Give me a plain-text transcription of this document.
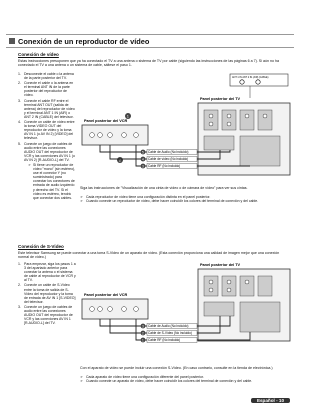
Conexión de un reproductor de vídeo
Conexión de vídeo
Estas instrucciones presuponen que ya ha conectado el TV a una antena o sistema de TV por cable (siguiendo las instrucciones de las páginas 6 a 7). Si aún no ha conectado el TV a una antena o un sistema de cable, sáltese el paso 1.
1. Desconecte el cable o la antena de la parte posterior del TV.
2. Conecte el cable o la antena en el terminal ANT IN de la parte posterior del reproductor de vídeo.
3. Conecte el cable RF entre el terminal ANT OUT (salida de antena) del reproductor de vídeo y el terminal ANT 1 IN (AIR) o ANT 2 IN (CABLE) del televisor.
4. Conecte un cable de vídeo entre la toma VIDEO OUT del reproductor de vídeo y la toma AV IN 1 (o AV IN 2) [VIDEO] del televisor.
5. Conecte un juego de cables de audio entre las conexiones AUDIO OUT del reproductor de VCR y las conexiones AV IN 1 (o AV IN 2) [R-AUDIO-L] del TV.
➢ Si tiene un reproductor de vídeo "mono" (sin estéreo), use el conector Y (no suministrado) para conectar los conectores de entrada de audio izquierdo y derecho del TV. Si el vídeo es estéreo, tendrá que conectar dos cables.
ANT 1 IN ANT 2 IN (AIR) (CABLE)
Panel posterior del TV
Panel posterior del VCR
1
2
5 Cable de Audio (No incluido)
4 Cable de vídeo (No incluido)
3 Cable RF (No incluido)
Siga las instrucciones de "Visualización de una cinta de vídeo o de cámara de vídeo" para ver sus cintas.
➢ Cada reproductor de vídeo tiene una configuración distinta en el panel posterior.
➢ Cuando conecte un reproductor de vídeo, debe hacer coincidir los colores del terminal de conexión y del cable.
Conexión de S-Video
Este televisor Samsung se puede conectar a una toma S-Video de un aparato de vídeo. (Esta conexión proporciona una calidad de imagen mejor que una conexión normal de vídeo.)
1. Para empezar, siga los pasos 1 a 3 del apartado anterior para conectar la antena o el sistema de cable al reproductor de VCR y al TV.
2. Conecte un cable de S-Vídeo entre la toma de salida de S-Vídeo del reproductor y la toma de entrada de AV IN 1 [S-VIDEO] del televisor.
3. Conecte un juego de cables de audio entre las conexiones AUDIO OUT del reproductor de VCR y las conexiones AV IN 1 [R-AUDIO-L] del TV.
Panel posterior del TV
Panel posterior del VCR
3 Cable de Audio (No incluido)
2 Cable de S-Vídeo (No incluido)
1 Cable RF (No incluido)
Con el aparato de vídeo se puede incluir una conexión S-Vídeo. (En caso contrario, consulte en la tienda de electrónica.)
➢ Cada aparato de vídeo tiene una configuración diferente del panel posterior.
➢ Cuando conecte un aparato de vídeo, debe hacer coincidir los colores del terminal de conexión y del cable.
Español - 10
